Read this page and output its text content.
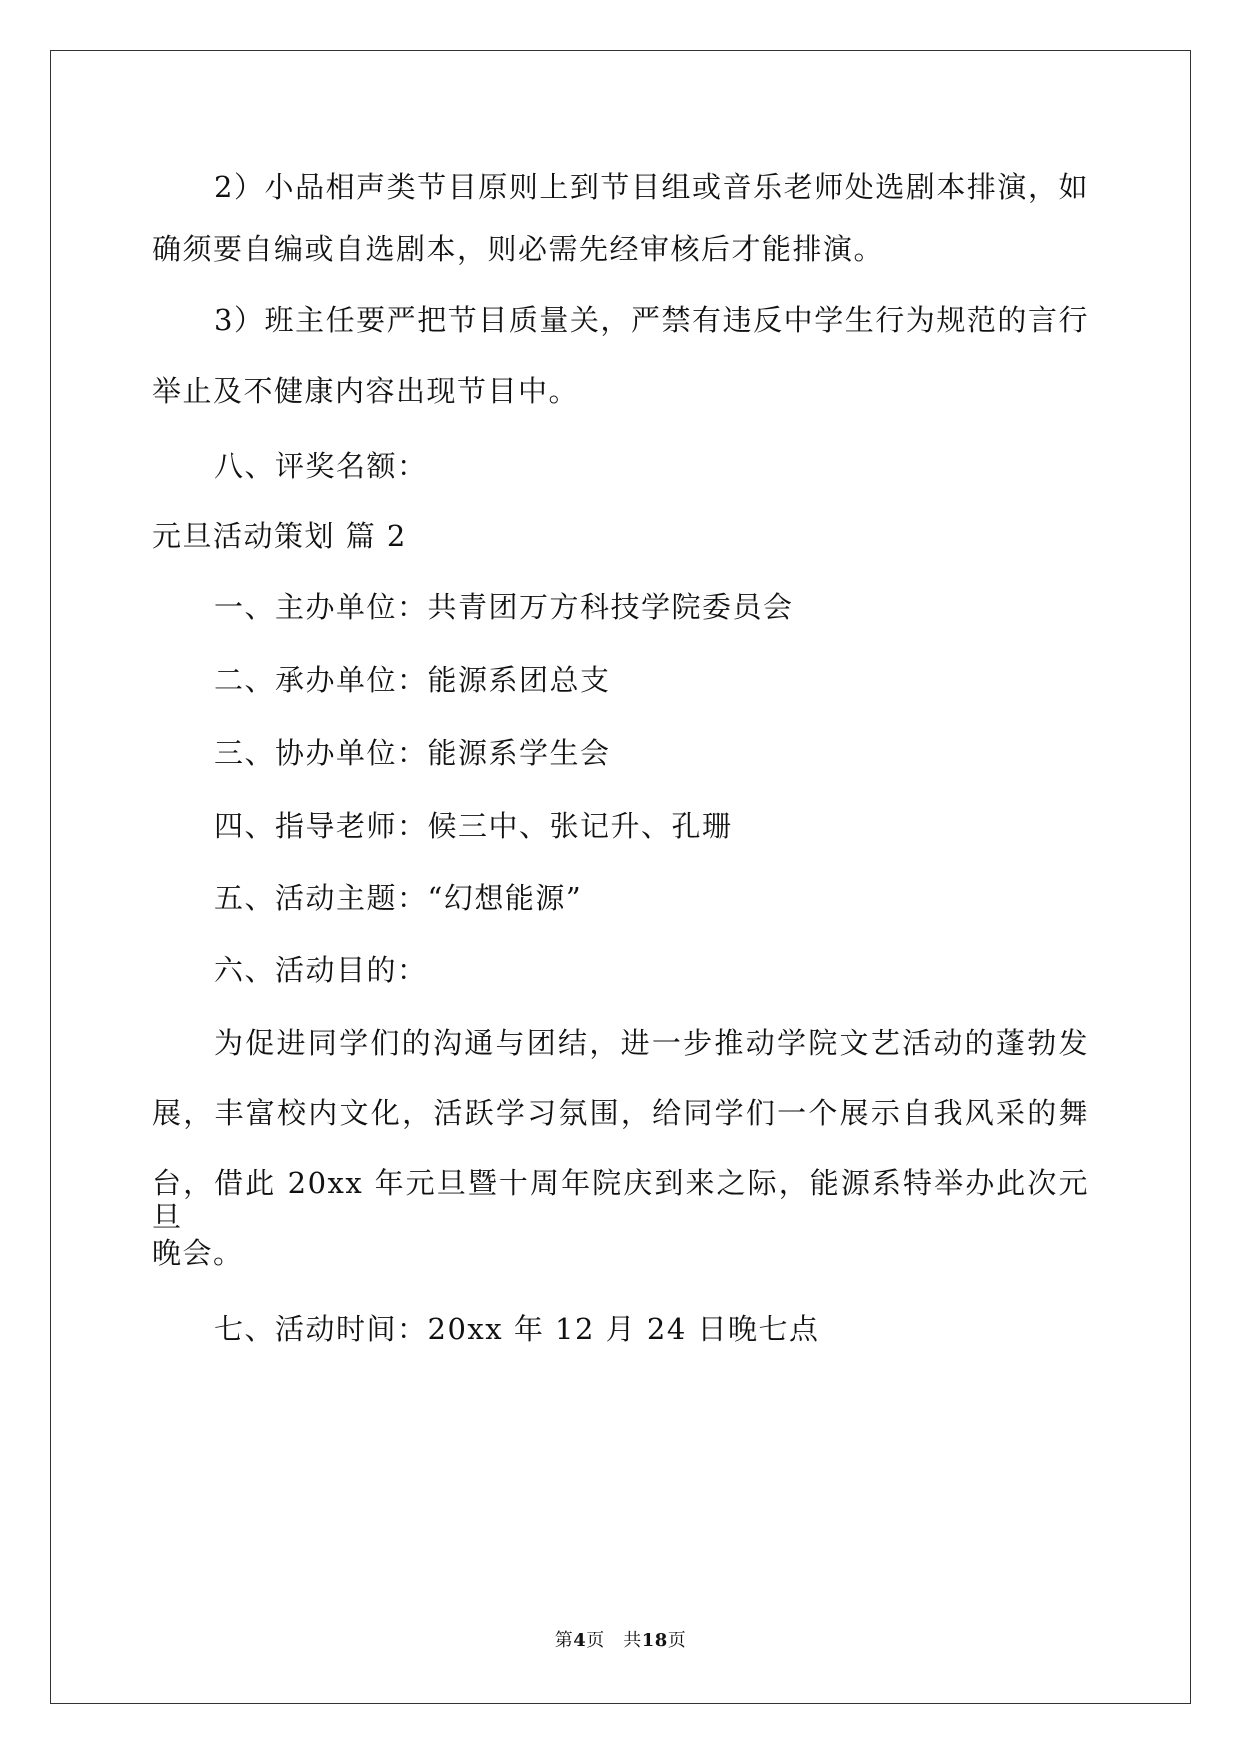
2）小品相声类节目原则上到节目组或音乐老师处选剧本排演，如
确须要自编或自选剧本，则必需先经审核后才能排演。
3）班主任要严把节目质量关，严禁有违反中学生行为规范的言行
举止及不健康内容出现节目中。
八、评奖名额：
元旦活动策划 篇 2
一、主办单位：共青团万方科技学院委员会
二、承办单位：能源系团总支
三、协办单位：能源系学生会
四、指导老师：候三中、张记升、孔珊
五、活动主题：“幻想能源”
六、活动目的：
为促进同学们的沟通与团结，进一步推动学院文艺活动的蓬勃发
展，丰富校内文化，活跃学习氛围，给同学们一个展示自我风采的舞
台，借此 20xx 年元旦暨十周年院庆到来之际，能源系特举办此次元旦
晚会。
七、活动时间：20xx 年 12 月 24 日晚七点
第4页　共18页
